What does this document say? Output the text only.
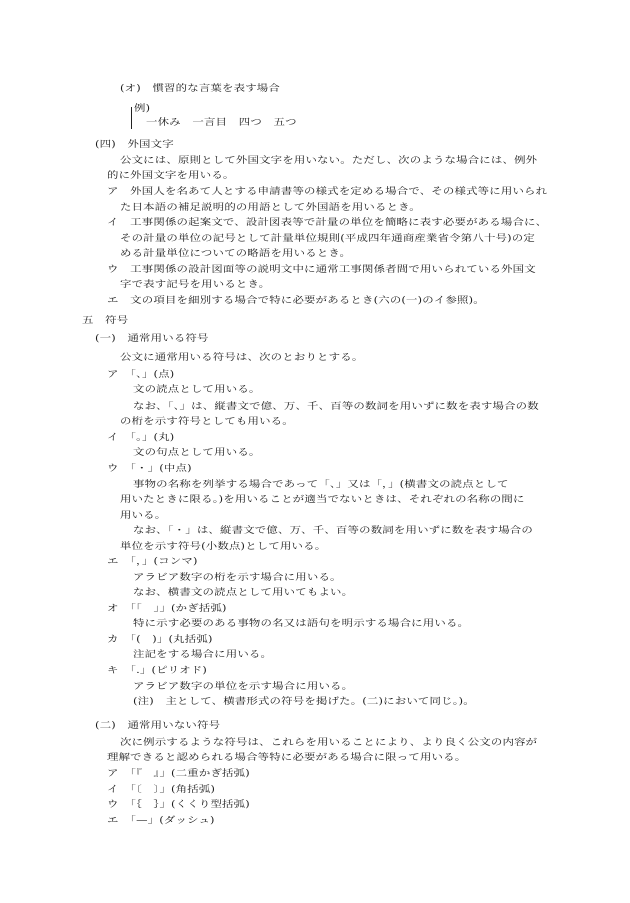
(オ)　慣習的な言葉を表す場合
例)
一休み　一言目　四つ　五つ
(四)　外国文字
公文には、原則として外国文字を用いない。ただし、次のような場合には、例外
的に外国文字を用いる。
ア　外国人を名あて人とする申請書等の様式を定める場合で、その様式等に用いられ
た日本語の補足説明的の用語として外国語を用いるとき。
イ　工事関係の起案文で、設計図表等で計量の単位を簡略に表す必要がある場合に、
その計量の単位の記号として計量単位規則(平成四年通商産業省令第八十号)の定
める計量単位についての略語を用いるとき。
ウ　工事関係の設計図面等の説明文中に通常工事関係者間で用いられている外国文
字で表す記号を用いるとき。
エ　文の項目を細別する場合で特に必要があるとき(六の(一)のイ参照)。
五　符号
(一)　通常用いる符号
公文に通常用いる符号は、次のとおりとする。
ア　「、」(点)
文の読点として用いる。
なお、「、」は、縦書文で億、万、千、百等の数詞を用いずに数を表す場合の数
の桁を示す符号としても用いる。
イ　「。」(丸)
文の句点として用いる。
ウ　「・」(中点)
事物の名称を列挙する場合であって「、」又は「，」(横書文の読点として
用いたときに限る。)を用いることが適当でないときは、それぞれの名称の間に
用いる。
なお、「・」は、縦書文で億、万、千、百等の数詞を用いずに数を表す場合の
単位を示す符号(小数点)として用いる。
エ　「，」(コンマ)
アラビア数字の桁を示す場合に用いる。
なお、横書文の読点として用いてもよい。
オ　「「　」」(かぎ括弧)
特に示す必要のある事物の名又は語句を明示する場合に用いる。
カ　「(　)」(丸括弧)
注記をする場合に用いる。
キ　「.」(ピリオド)
アラビア数字の単位を示す場合に用いる。
(注)　主として、横書形式の符号を掲げた。(二)において同じ。)。
(二)　通常用いない符号
次に例示するような符号は、これらを用いることにより、より良く公文の内容が
理解できると認められる場合等特に必要がある場合に限って用いる。
ア　「『　』」(二重かぎ括弧)
イ　「〔　〕」(角括弧)
ウ　「｛　｝」(くくり型括弧)
エ　「—」(ダッシュ)
